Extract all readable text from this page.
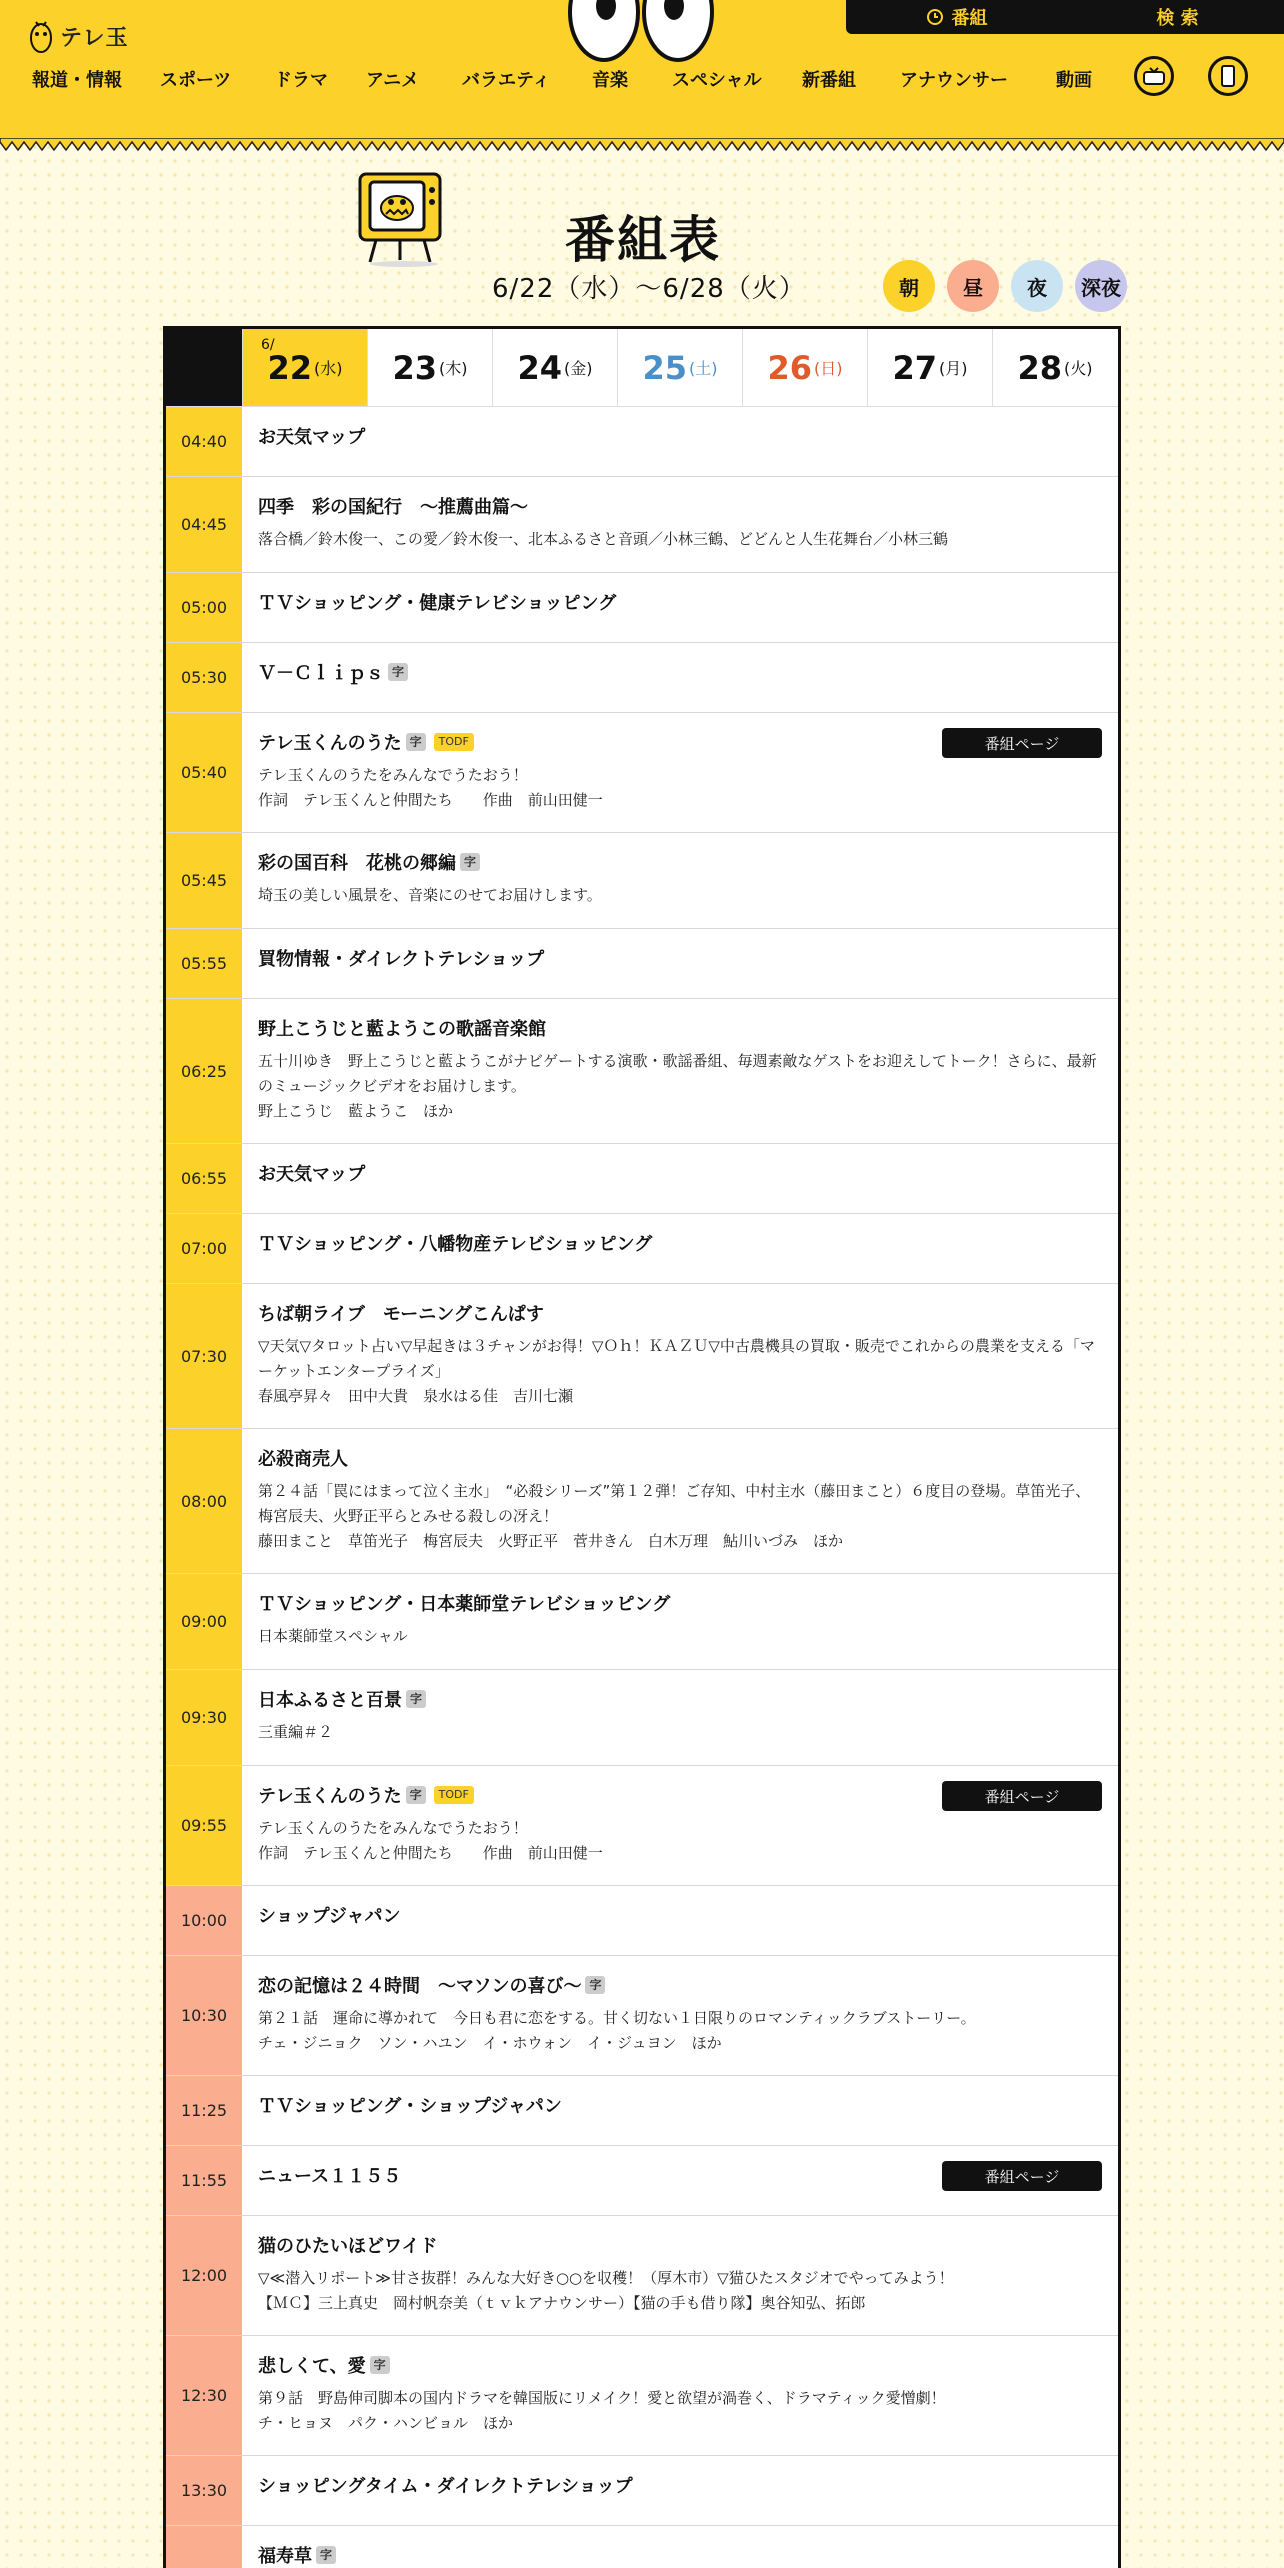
テレ玉
番組	検 索
報道・情報 スポーツ ドラマ アニメ バラエティ 音楽 スペシャル 新番組 アナウンサー	動画
番組表
6/22（水）〜6/28（火）	朝	昼	夜	深夜
6/
22 (水) 23 (木) 24 (金) 25 (土) 26 (日) 27 (月) 28 (火)
04:40	お天気マップ
04:45
四季　彩の国紀行　～推薦曲篇～
落合橋／鈴木俊一、この愛／鈴木俊一、北本ふるさと音頭／小林三鶴、どどんと人生花舞台／小林三鶴
05:00	ＴＶショッピング・健康テレビショッピング
05:30	Ｖ－Ｃｌｉｐｓ 字
05:40
テレ玉くんのうた 字	TODF
テレ玉くんのうたをみんなでうたおう！
作詞　テレ玉くんと仲間たち　　作曲　前山田健一
番組ページ
05:45
彩の国百科　花桃の郷編 字
埼玉の美しい風景を、音楽にのせてお届けします。
05:55	買物情報・ダイレクトテレショップ
06:25
野上こうじと藍ようこの歌謡音楽館
五十川ゆき　野上こうじと藍ようこがナビゲートする演歌・歌謡番組、毎週素敵なゲストをお迎えしてトーク！さらに、最新のミュージックビデオをお届けします。
野上こうじ　藍ようこ　ほか
06:55	お天気マップ
07:00	ＴＶショッピング・八幡物産テレビショッピング
07:30
ちば朝ライブ　モーニングこんぱす
▽天気▽タロット占い▽早起きは３チャンがお得！▽Ｏｈ！ＫＡＺＵ▽中古農機具の買取・販売でこれからの農業を支える「マーケットエンタープライズ」
春風亭昇々　田中大貴　泉水はる佳　吉川七瀬
08:00
必殺商売人
第２４話「罠にはまって泣く主水」　“必殺シリーズ”第１２弾！ご存知、中村主水（藤田まこと）６度目の登場。草笛光子、梅宮辰夫、火野正平らとみせる殺しの冴え！
藤田まこと　草笛光子　梅宮辰夫　火野正平　菅井きん　白木万理　鮎川いづみ　ほか
09:00
ＴＶショッピング・日本薬師堂テレビショッピング
日本薬師堂スペシャル
09:30
日本ふるさと百景 字
三重編＃２
09:55
テレ玉くんのうた 字	TODF
テレ玉くんのうたをみんなでうたおう！
作詞　テレ玉くんと仲間たち　　作曲　前山田健一
番組ページ
10:00	ショップジャパン
10:30
恋の記憶は２４時間　～マソンの喜び～ 字
第２１話　運命に導かれて　今日も君に恋をする。甘く切ない１日限りのロマンティックラブストーリー。
チェ・ジニョク　ソン・ハユン　イ・ホウォン　イ・ジュヨン　ほか
11:25	ＴＶショッピング・ショップジャパン
11:55	ニュース１１５５	番組ページ
12:00
猫のひたいほどワイド
▽≪潜入リポート≫甘さ抜群！みんな大好き○○を収穫！（厚木市）▽猫ひたスタジオでやってみよう！
【ＭＣ】三上真史　岡村帆奈美（ｔｖｋアナウンサー）【猫の手も借り隊】奥谷知弘、拓郎
12:30
悲しくて、愛 字
第９話　野島伸司脚本の国内ドラマを韓国版にリメイク！愛と欲望が渦巻く、ドラマティック愛憎劇！
チ・ヒョヌ　パク・ハンビョル　ほか
13:30	ショッピングタイム・ダイレクトテレショップ
福寿草 字
